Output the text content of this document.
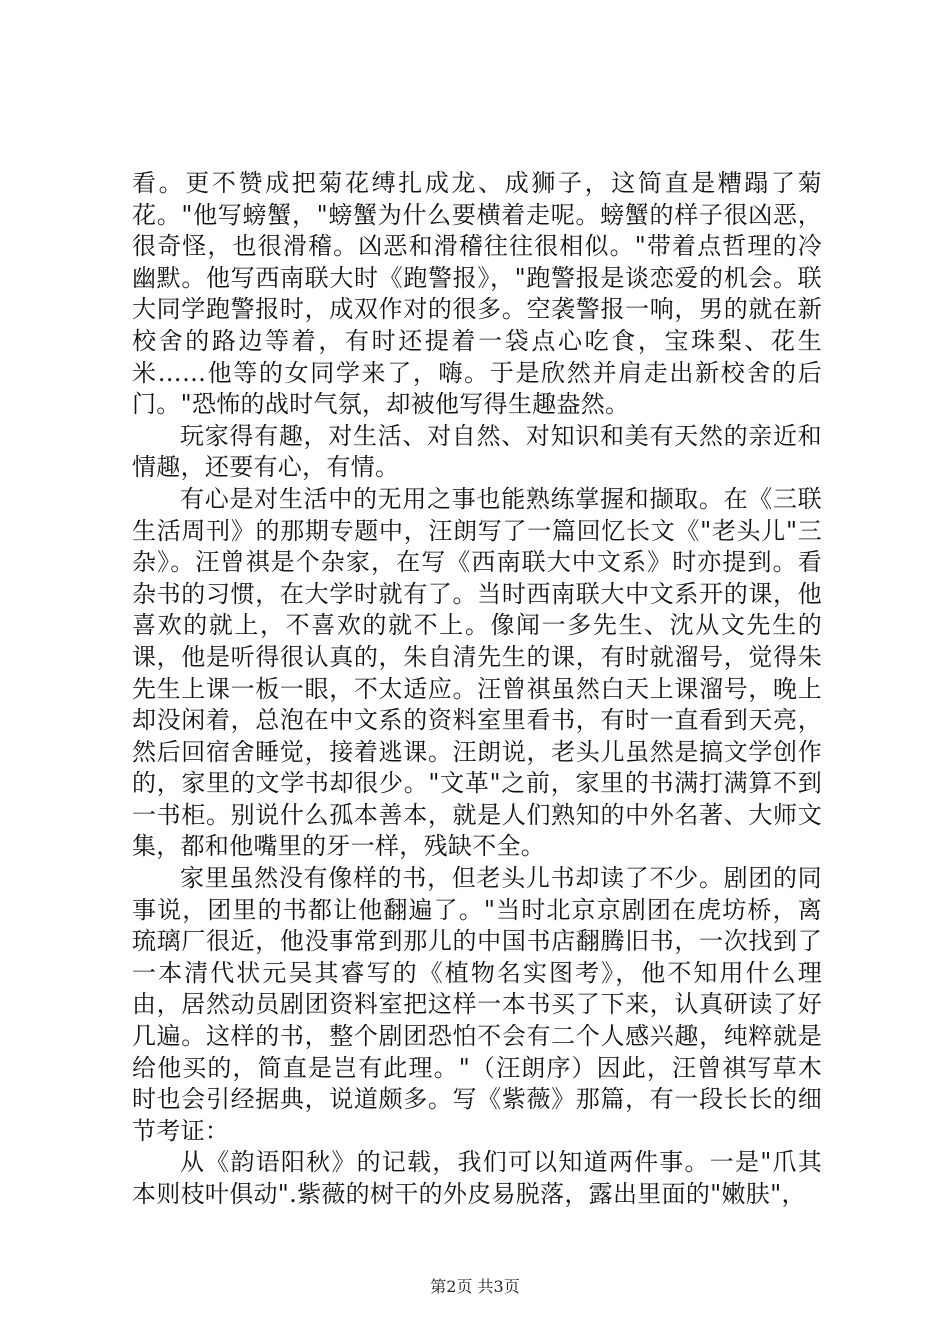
看。更不赞成把菊花缚扎成龙、成狮子，这简直是糟蹋了菊花。"他写螃蟹，"螃蟹为什么要横着走呢。螃蟹的样子很凶恶，很奇怪，也很滑稽。凶恶和滑稽往往很相似。"带着点哲理的冷幽默。他写西南联大时《跑警报》，"跑警报是谈恋爱的机会。联大同学跑警报时，成双作对的很多。空袭警报一响，男的就在新校舍的路边等着，有时还提着一袋点心吃食，宝珠梨、花生米……他等的女同学来了，嗨。于是欣然并肩走出新校舍的后门。"恐怖的战时气氛，却被他写得生趣盎然。

玩家得有趣，对生活、对自然、对知识和美有天然的亲近和情趣，还要有心，有情。

有心是对生活中的无用之事也能熟练掌握和撷取。在《三联生活周刊》的那期专题中，汪朗写了一篇回忆长文《"老头儿"三杂》。汪曾祺是个杂家，在写《西南联大中文系》时亦提到。看杂书的习惯，在大学时就有了。当时西南联大中文系开的课，他喜欢的就上，不喜欢的就不上。像闻一多先生、沈从文先生的课，他是听得很认真的，朱自清先生的课，有时就溜号，觉得朱先生上课一板一眼，不太适应。汪曾祺虽然白天上课溜号，晚上却没闲着，总泡在中文系的资料室里看书，有时一直看到天亮，然后回宿舍睡觉，接着逃课。汪朗说，老头儿虽然是搞文学创作的，家里的文学书却很少。"文革"之前，家里的书满打满算不到一书柜。别说什么孤本善本，就是人们熟知的中外名著、大师文集，都和他嘴里的牙一样，残缺不全。

家里虽然没有像样的书，但老头儿书却读了不少。剧团的同事说，团里的书都让他翻遍了。"当时北京京剧团在虎坊桥，离琉璃厂很近，他没事常到那儿的中国书店翻腾旧书，一次找到了一本清代状元吴其睿写的《植物名实图考》，他不知用什么理由，居然动员剧团资料室把这样一本书买了下来，认真研读了好几遍。这样的书，整个剧团恐怕不会有二个人感兴趣，纯粹就是给他买的，简直是岂有此理。"（汪朗序）因此，汪曾祺写草木时也会引经据典，说道颇多。写《紫薇》那篇，有一段长长的细节考证：

从《韵语阳秋》的记载，我们可以知道两件事。一是"爪其本则枝叶俱动".紫薇的树干的外皮易脱落，露出里面的"嫩肤"，

第2页 共3页
